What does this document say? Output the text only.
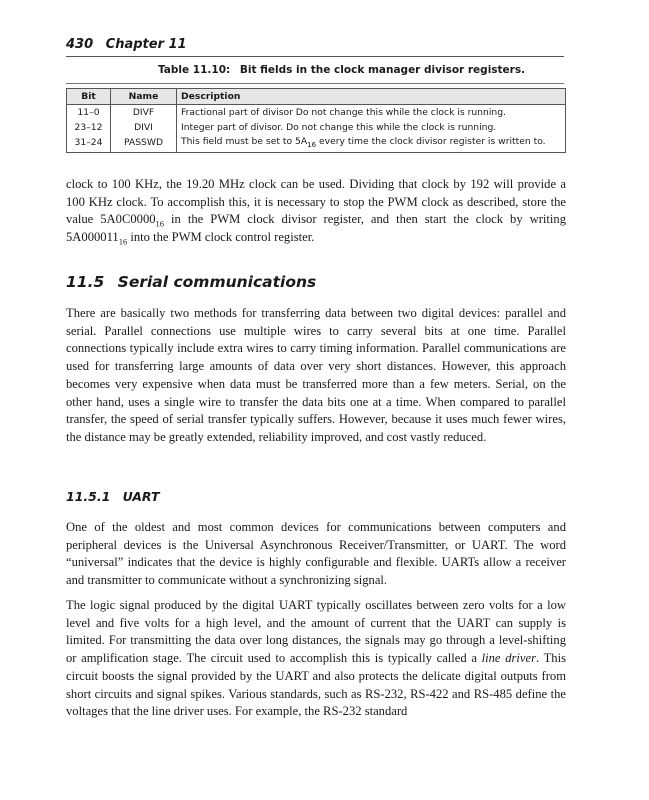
430 Chapter 11
Table 11.10: Bit fields in the clock manager divisor registers.
Bit	Name	Description
11–0	DIVF	Fractional part of divisor Do not change this while the clock is running.
23–12	DIVI	Integer part of divisor. Do not change this while the clock is running.
31–24	PASSWD	This field must be set to $5A_{16}$ every time the clock divisor register is written to.

clock to 100 KHz, the 19.20 MHz clock can be used. Dividing that clock by 192 will provide a 100 KHz clock. To accomplish this, it is necessary to stop the PWM clock as described, store the value $5A0C0000_{16}$ in the PWM clock divisor register, and then start the clock by writing $5A000011_{16}$ into the PWM clock control register.

11.5 Serial communications

There are basically two methods for transferring data between two digital devices: parallel and serial. Parallel connections use multiple wires to carry several bits at one time. Parallel connections typically include extra wires to carry timing information. Parallel communications are used for transferring large amounts of data over very short distances. However, this approach becomes very expensive when data must be transferred more than a few meters. Serial, on the other hand, uses a single wire to transfer the data bits one at a time. When compared to parallel transfer, the speed of serial transfer typically suffers. However, because it uses much fewer wires, the distance may be greatly extended, reliability improved, and cost vastly reduced.

11.5.1 UART

One of the oldest and most common devices for communications between computers and peripheral devices is the Universal Asynchronous Receiver/Transmitter, or UART. The word “universal” indicates that the device is highly configurable and flexible. UARTs allow a receiver and transmitter to communicate without a synchronizing signal.

The logic signal produced by the digital UART typically oscillates between zero volts for a low level and five volts for a high level, and the amount of current that the UART can supply is limited. For transmitting the data over long distances, the signals may go through a level-shifting or amplification stage. The circuit used to accomplish this is typically called a line driver. This circuit boosts the signal provided by the UART and also protects the delicate digital outputs from short circuits and signal spikes. Various standards, such as RS-232, RS-422 and RS-485 define the voltages that the line driver uses. For example, the RS-232 standard
